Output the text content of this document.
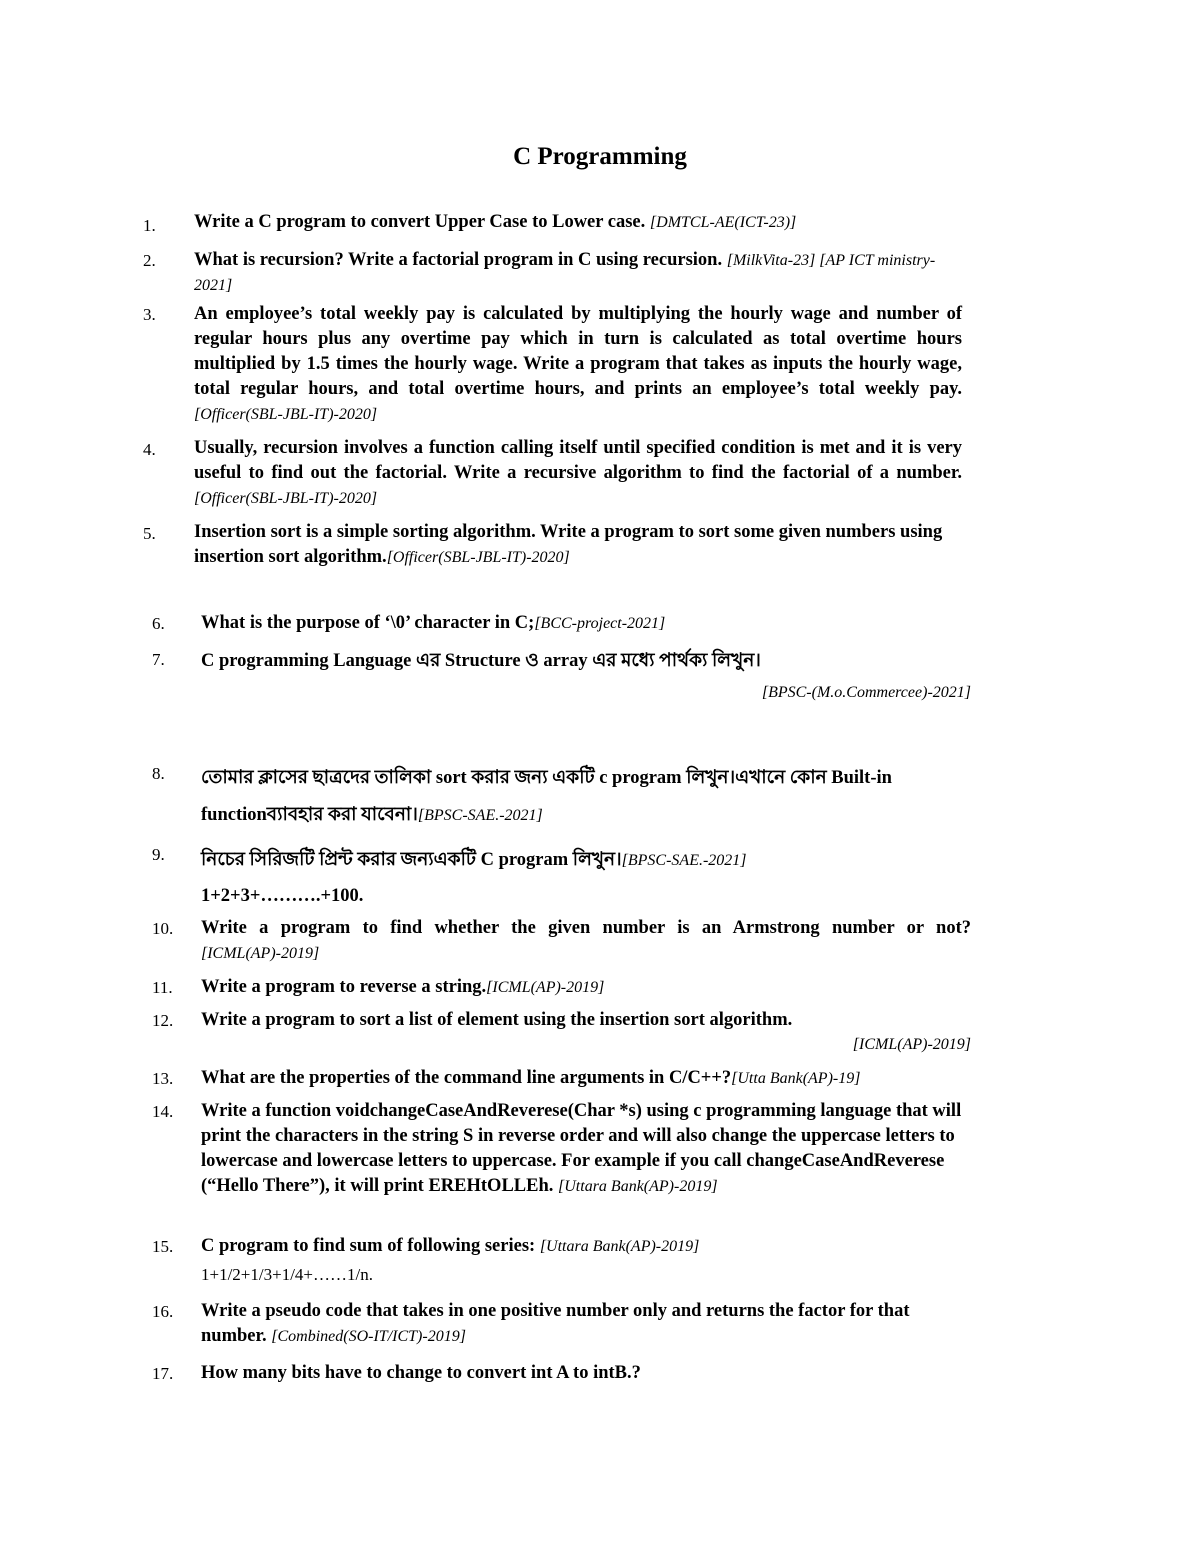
C Programming
1. Write a C program to convert Upper Case to Lower case. [DMTCL-AE(ICT-23)]
2. What is recursion? Write a factorial program in C using recursion. [MilkVita-23] [AP ICT ministry-2021]
3. An employee’s total weekly pay is calculated by multiplying the hourly wage and number of regular hours plus any overtime pay which in turn is calculated as total overtime hours multiplied by 1.5 times the hourly wage. Write a program that takes as inputs the hourly wage, total regular hours, and total overtime hours, and prints an employee’s total weekly pay. [Officer(SBL-JBL-IT)-2020]
4. Usually, recursion involves a function calling itself until specified condition is met and it is very useful to find out the factorial. Write a recursive algorithm to find the factorial of a number.[Officer(SBL-JBL-IT)-2020]
5. Insertion sort is a simple sorting algorithm. Write a program to sort some given numbers using insertion sort algorithm.[Officer(SBL-JBL-IT)-2020]
6. What is the purpose of ‘\0’ character in C;[BCC-project-2021]
7. C programming Language এর Structure ও array এর মধ্যে পার্থক্য লিখুন।
[BPSC-(M.o.Commercee)-2021]
8. তোমার ক্লাসের ছাত্রদের তালিকা sort করার জন্য একটি c program লিখুন।এখানে কোন Built-in
functionব্যাবহার করা যাবেনা।[BPSC-SAE.-2021]
9. নিচের সিরিজটি প্রিন্ট করার জন্যএকটি C program লিখুন।[BPSC-SAE.-2021]
1+2+3+……….+100.
10. Write a program to find whether the given number is an Armstrong number or not? [ICML(AP)-2019]
11. Write a program to reverse a string.[ICML(AP)-2019]
12. Write a program to sort a list of element using the insertion sort algorithm.
[ICML(AP)-2019]
13. What are the properties of the command line arguments in C/C++?[Utta Bank(AP)-19]
14. Write a function voidchangeCaseAndReverese(Char *s) using c programming language that will print the characters in the string S in reverse order and will also change the uppercase letters to lowercase and lowercase letters to uppercase. For example if you call changeCaseAndReverese (“Hello There”), it will print EREHtOLLEh. [Uttara Bank(AP)-2019]
15. C program to find sum of following series: [Uttara Bank(AP)-2019]
1+1/2+1/3+1/4+……1/n.
16. Write a pseudo code that takes in one positive number only and returns the factor for that number. [Combined(SO-IT/ICT)-2019]
17. How many bits have to change to convert int A to intB.?
